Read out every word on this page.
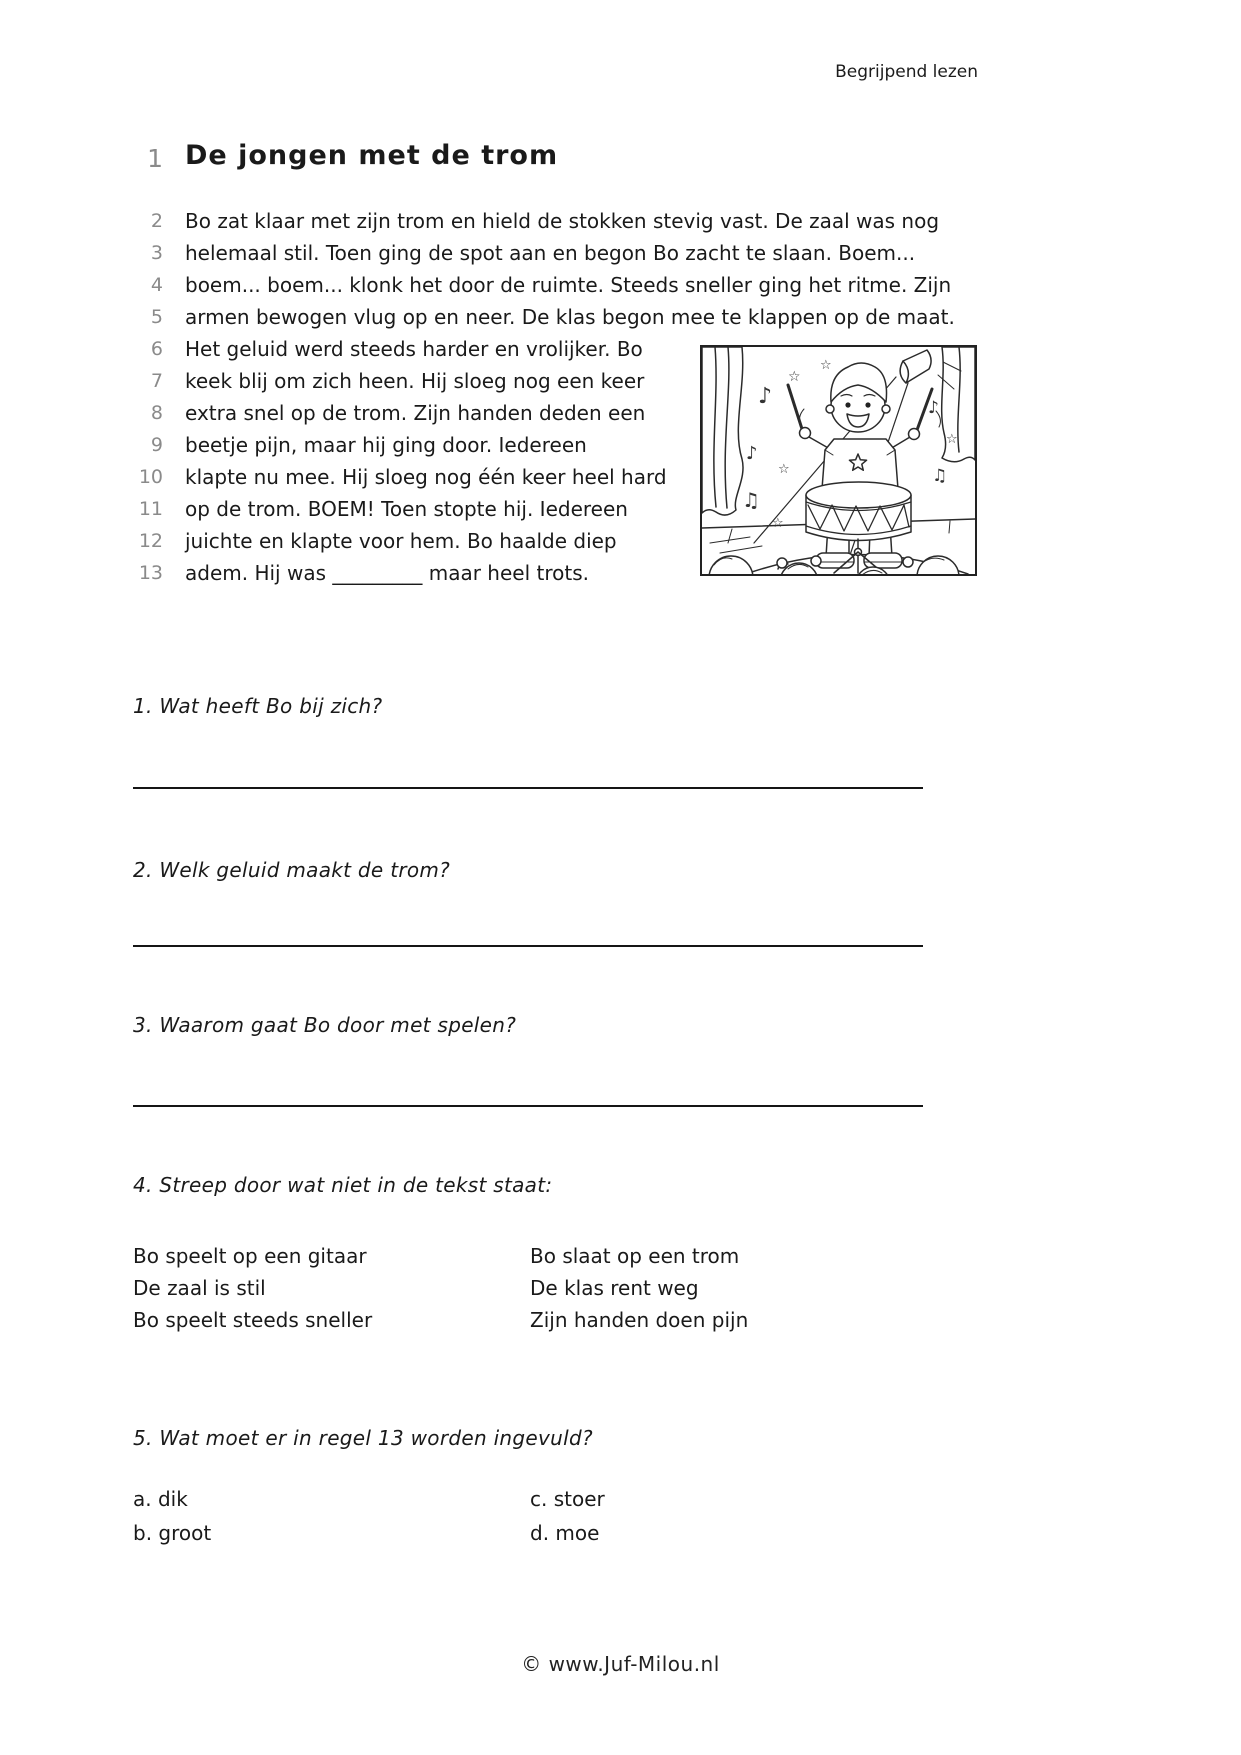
Begrijpend lezen
1 De jongen met de trom
2	Bo zat klaar met zijn trom en hield de stokken stevig vast. De zaal was nog
3	helemaal stil. Toen ging de spot aan en begon Bo zacht te slaan. Boem...
4	boem... boem... klonk het door de ruimte. Steeds sneller ging het ritme. Zijn
5	armen bewogen vlug op en neer. De klas begon mee te klappen op de maat.
6	Het geluid werd steeds harder en vrolijker. Bo
7	keek blij om zich heen. Hij sloeg nog een keer
8	extra snel op de trom. Zijn handen deden een
9	beetje pijn, maar hij ging door. Iedereen
10	klapte nu mee. Hij sloeg nog één keer heel hard
11	op de trom. BOEM! Toen stopte hij. Iedereen
12	juichte en klapte voor hem. Bo haalde diep
13	adem. Hij was _________ maar heel trots.
♪
☆
♪
☆
♫
☆
☆
♪
☆
♫
1. Wat heeft Bo bij zich?
2. Welk geluid maakt de trom?
3. Waarom gaat Bo door met spelen?
4. Streep door wat niet in de tekst staat:
Bo speelt op een gitaar
De zaal is stil
Bo speelt steeds sneller
Bo slaat op een trom
De klas rent weg
Zijn handen doen pijn
5. Wat moet er in regel 13 worden ingevuld?
a. dik
b. groot
c. stoer
d. moe
© www.Juf-Milou.nl
